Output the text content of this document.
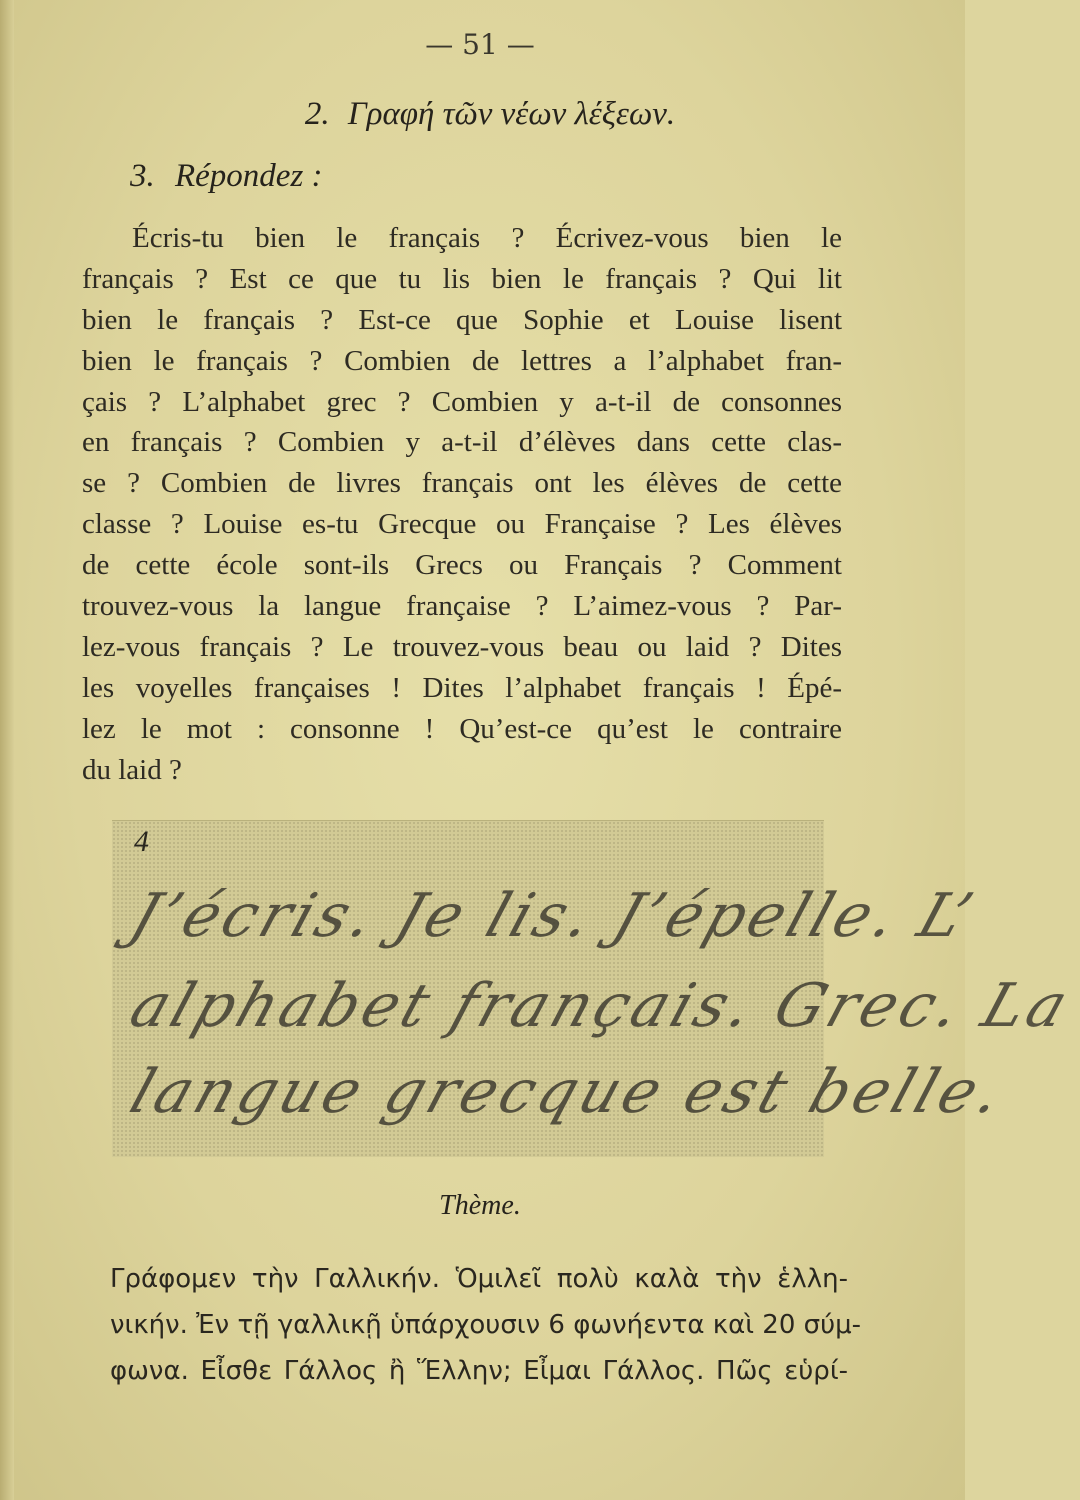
— 51 —
2. Γραφή τῶν νέων λέξεων.
3. Répondez :
Écris-tu bien le français ? Écrivez-vous bien le
français ? Est ce que tu lis bien le français ? Qui lit
bien le français ? Est-ce que Sophie et Louise lisent
bien le français ? Combien de lettres a l’alphabet fran-
çais ? L’alphabet grec ? Combien y a-t-il de consonnes
en français ? Combien y a-t-il d’élèves dans cette clas-
se ? Combien de livres français ont les élèves de cette
classe ? Louise es-tu Grecque ou Française ? Les élèves
de cette école sont-ils Grecs ou Français ? Comment
trouvez-vous la langue française ? L’aimez-vous ? Par-
lez-vous français ? Le trouvez-vous beau ou laid ? Dites
les voyelles françaises ! Dites l’alphabet français ! Épé-
lez le mot : consonne ! Qu’est-ce qu’est le contraire
du laid ?
4
J’écris. Je lis. J’épelle. L’
alphabet français. Grec. La
langue grecque est belle.
Thème.
Γράφομεν τὴν Γαλλικήν. Ὁμιλεῖ πολὺ καλὰ τὴν ἑλλη-
νικήν. Ἐν τῇ γαλλικῇ ὑπάρχουσιν 6 φωνήεντα καὶ 20 σύμ-
φωνα. Εἶσθε Γάλλος ἢ Ἕλλην; Εἶμαι Γάλλος. Πῶς εὑρί-
